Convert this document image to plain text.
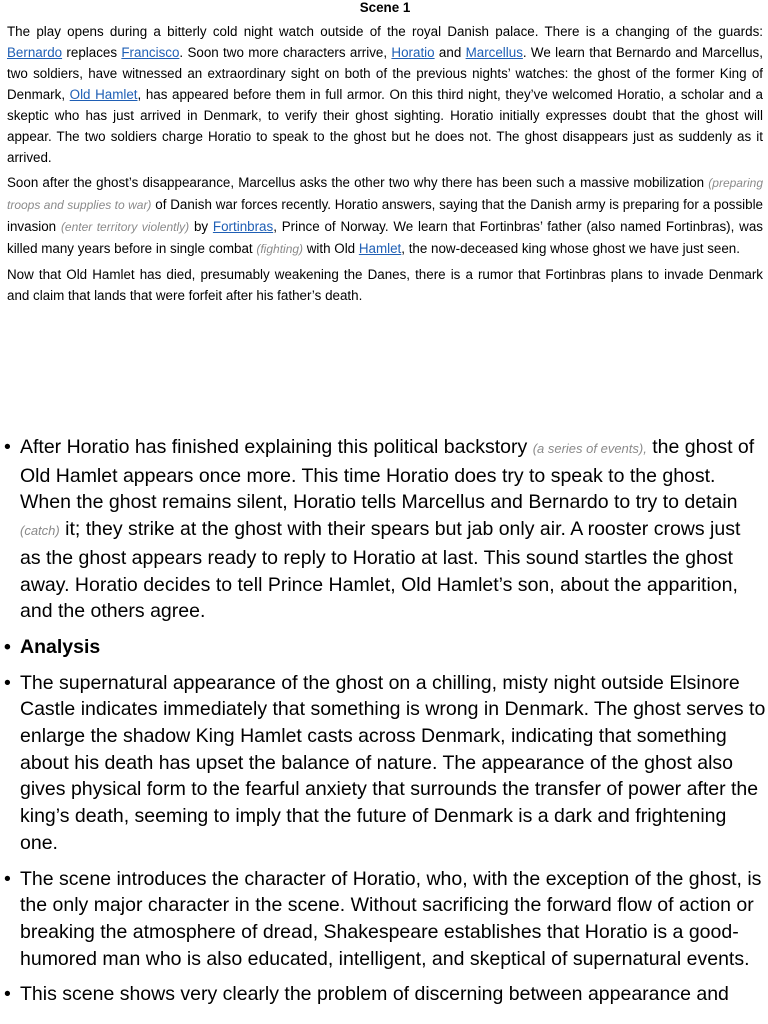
Scene 1

The play opens during a bitterly cold night watch outside of the royal Danish palace. There is a changing of the guards: Bernardo replaces Francisco. Soon two more characters arrive, Horatio and Marcellus. We learn that Bernardo and Marcellus, two soldiers, have witnessed an extraordinary sight on both of the previous nights’ watches: the ghost of the former King of Denmark, Old Hamlet, has appeared before them in full armor. On this third night, they’ve welcomed Horatio, a scholar and a skeptic who has just arrived in Denmark, to verify their ghost sighting. Horatio initially expresses doubt that the ghost will appear. The two soldiers charge Horatio to speak to the ghost but he does not. The ghost disappears just as suddenly as it arrived.

Soon after the ghost’s disappearance, Marcellus asks the other two why there has been such a massive mobilization (preparing troops and supplies to war) of Danish war forces recently. Horatio answers, saying that the Danish army is preparing for a possible invasion (enter territory violently) by Fortinbras, Prince of Norway. We learn that Fortinbras’ father (also named Fortinbras), was killed many years before in single combat (fighting) with Old Hamlet, the now-deceased king whose ghost we have just seen.

Now that Old Hamlet has died, presumably weakening the Danes, there is a rumor that Fortinbras plans to invade Denmark and claim that lands that were forfeit after his father’s death.

• After Horatio has finished explaining this political backstory (a series of events), the ghost of Old Hamlet appears once more. This time Horatio does try to speak to the ghost. When the ghost remains silent, Horatio tells Marcellus and Bernardo to try to detain (catch) it; they strike at the ghost with their spears but jab only air. A rooster crows just as the ghost appears ready to reply to Horatio at last. This sound startles the ghost away. Horatio decides to tell Prince Hamlet, Old Hamlet’s son, about the apparition, and the others agree.
• Analysis
• The supernatural appearance of the ghost on a chilling, misty night outside Elsinore Castle indicates immediately that something is wrong in Denmark. The ghost serves to enlarge the shadow King Hamlet casts across Denmark, indicating that something about his death has upset the balance of nature. The appearance of the ghost also gives physical form to the fearful anxiety that surrounds the transfer of power after the king’s death, seeming to imply that the future of Denmark is a dark and frightening one.
• The scene introduces the character of Horatio, who, with the exception of the ghost, is the only major character in the scene. Without sacrificing the forward flow of action or breaking the atmosphere of dread, Shakespeare establishes that Horatio is a good-humored man who is also educated, intelligent, and skeptical of supernatural events.
• This scene shows very clearly the problem of discerning between appearance and
